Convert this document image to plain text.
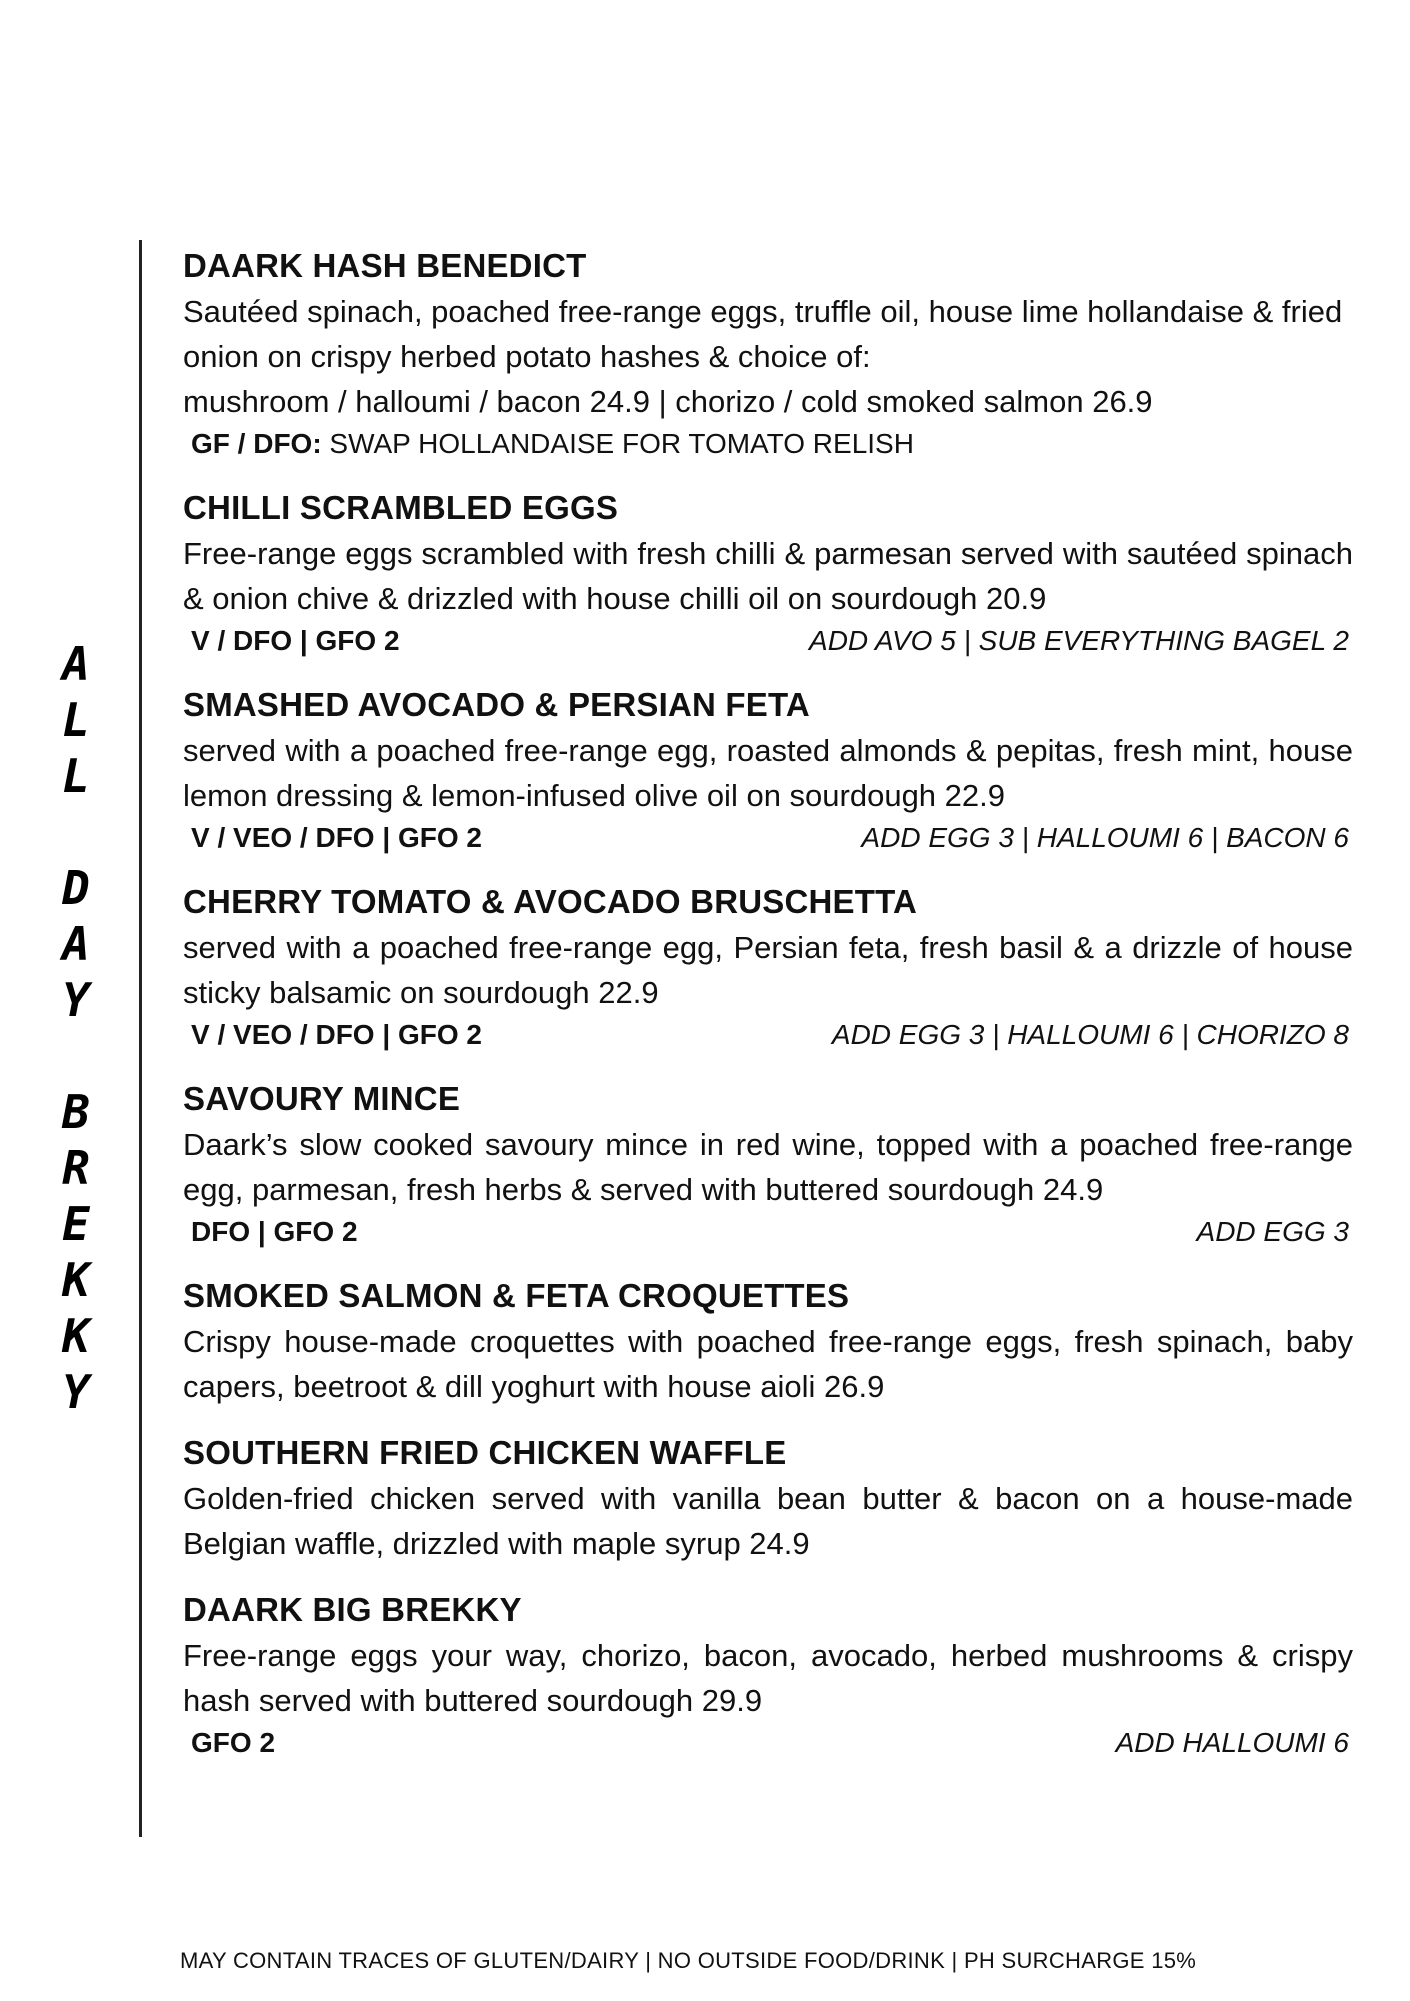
A
L
L
D
A
Y
B
R
E
K
K
Y
DAARK HASH BENEDICT
Sautéed spinach, poached free-range eggs, truffle oil, house lime hollandaise & fried onion on crispy herbed potato hashes & choice of:
mushroom / halloumi / bacon 24.9 | chorizo / cold smoked salmon 26.9
GF / DFO: SWAP HOLLANDAISE FOR TOMATO RELISH
CHILLI SCRAMBLED EGGS
Free-range eggs scrambled with fresh chilli & parmesan served with sautéed spinach & onion chive & drizzled with house chilli oil on sourdough 20.9
V / DFO | GFO 2	ADD AVO 5 | SUB EVERYTHING BAGEL 2
SMASHED AVOCADO & PERSIAN FETA
served with a poached free-range egg, roasted almonds & pepitas, fresh mint, house lemon dressing & lemon-infused olive oil on sourdough 22.9
V / VEO / DFO | GFO 2	ADD EGG 3 | HALLOUMI 6 | BACON 6
CHERRY TOMATO & AVOCADO BRUSCHETTA
served with a poached free-range egg, Persian feta, fresh basil & a drizzle of house sticky balsamic on sourdough 22.9
V / VEO / DFO | GFO 2	ADD EGG 3 | HALLOUMI 6 | CHORIZO 8
SAVOURY MINCE
Daark’s slow cooked savoury mince in red wine, topped with a poached free-range egg, parmesan, fresh herbs & served with buttered sourdough 24.9
DFO | GFO 2	ADD EGG 3
SMOKED SALMON & FETA CROQUETTES
Crispy house-made croquettes with poached free-range eggs, fresh spinach, baby capers, beetroot & dill yoghurt with house aioli 26.9
SOUTHERN FRIED CHICKEN WAFFLE
Golden-fried chicken served with vanilla bean butter & bacon on a house-made Belgian waffle, drizzled with maple syrup 24.9
DAARK BIG BREKKY
Free-range eggs your way, chorizo, bacon, avocado, herbed mushrooms & crispy hash served with buttered sourdough 29.9
GFO 2	ADD HALLOUMI 6
MAY CONTAIN TRACES OF GLUTEN/DAIRY | NO OUTSIDE FOOD/DRINK | PH SURCHARGE 15%
